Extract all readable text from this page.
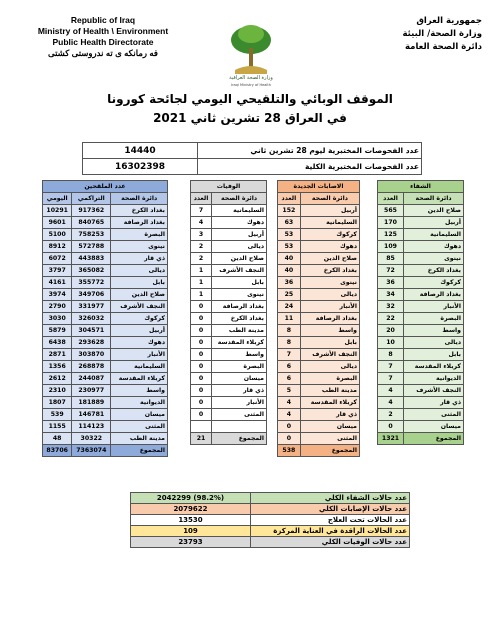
Republic of Iraq
Ministry of Health \ Environment
Public Health Directorate
فه رمانكه ى ته ندروستى كشتى
وزارة الصحة العراقية
Iraqi Ministry of Health
جمهورية العراق
وزارة الصحة/ البيئة
دائرة الصحة العامة
الموقف الوبائي والتلقيحي اليومي لجائحة كورونا
في العراق 28 تشرين ثاني 2021
14440	عدد الفحوصات المختبرية ليوم 28 تشرين ثاني
16302398	عدد الفحوصات المختبرية الكلية
عدد الملقحين		
اليومي	التراكمي	دائرة الصحة
10291	917362	بغداد الكرخ
9601	840765	بغداد الرصافة
5100	758253	البصرة
8912	572788	نينوى
6072	443883	ذي قار
3797	365082	ديالى
4161	355772	بابل
3974	349706	صلاح الدين
2790	331977	النجف الأشرف
3030	326032	كركوك
5879	304571	أربيل
6438	293628	دهوك
2871	303870	الأنبار
1356	268878	السليمانية
2612	244087	كربلاء المقدسة
2310	230977	واسط
1807	181889	الديوانية
539	146781	ميسان
1155	114123	المثنى
48	30322	مدينة الطب
83706	7363074	المجموع
الوفيات	
العدد	دائرة الصحة
7	السليمانية
4	دهوك
3	أربيل
2	ديالى
2	صلاح الدين
1	النجف الأشرف
1	بابل
1	نينوى
0	بغداد الرصافة
0	بغداد الكرخ
0	مدينة الطب
0	كربلاء المقدسة
0	واسط
0	البصرة
0	ميسان
0	ذي قار
0	الأنبار
0	المثنى

21	المجموع
الاصابات الجديدة	
العدد	دائرة الصحة
152	أربيل
63	السليمانية
53	كركوك
53	دهوك
40	صلاح الدين
40	بغداد الكرخ
36	نينوى
25	ديالى
24	الأنبار
11	بغداد الرصافة
8	واسط
8	بابل
7	النجف الأشرف
6	ديالى
6	البصرة
5	مدينة الطب
4	كربلاء المقدسة
4	ذي قار
0	ميسان
0	المثنى
538	المجموع
الشفاء	
العدد	دائرة الصحة
565	صلاح الدين
170	أربيل
125	السليمانية
109	دهوك
85	نينوى
72	بغداد الكرخ
36	كركوك
34	بغداد الرصافة
32	الأنبار
22	البصرة
20	واسط
10	ديالى
8	بابل
7	كربلاء المقدسة
7	الديوانية
4	النجف الأشرف
4	ذي قار
2	المثنى
0	ميسان
1321	المجموع
2042299 (98.2%)	عدد حالات الشفاء الكلي
2079622	عدد حالات الإصابات الكلي
13530	عدد الحالات تحت العلاج
109	عدد الحالات الراقدة في العناية المركزة
23793	عدد حالات الوفيات الكلي
